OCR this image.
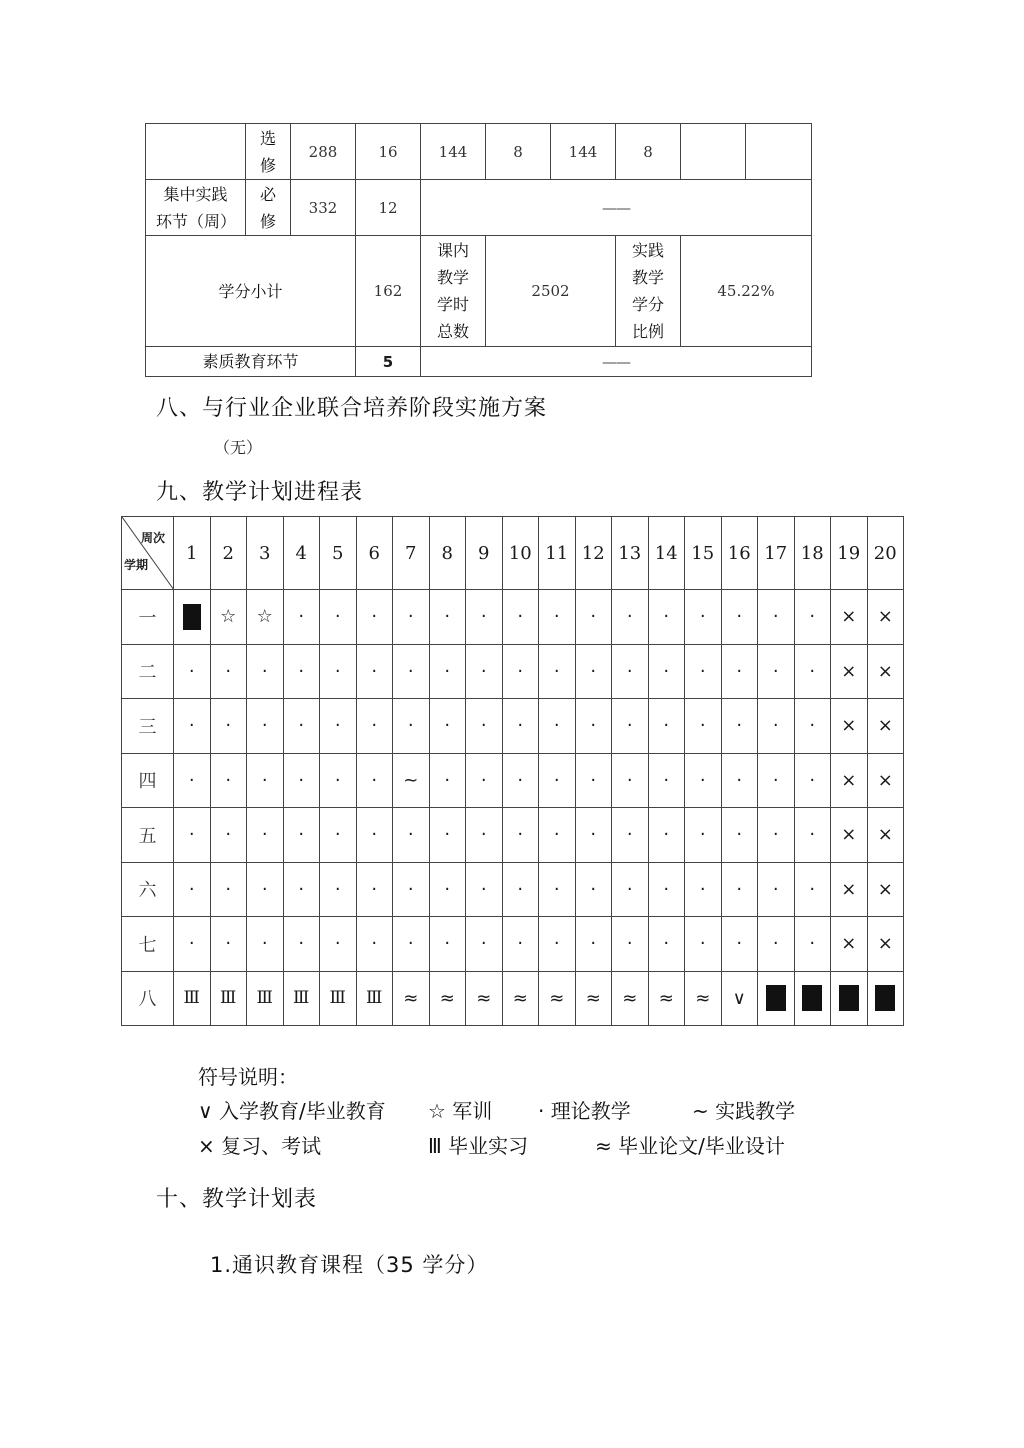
	选修	288	16	144	8	144	8		
集中实践环节（周）	必修	332	12	——					
学分小计			162	课内教学学时总数	2502		实践教学学分比例	45.22%	
素质教育环节			5	——					
八、与行业企业联合培养阶段实施方案
（无）
九、教学计划进程表
周次
学期	1	2	3	4	5	6	7	8	9	10	11	12	13	14	15	16	17	18	19	20
一		☆	☆	·	·	·	·	·	·	·	·	·	·	·	·	·	·	·	×	×
二	·	·	·	·	·	·	·	·	·	·	·	·	·	·	·	·	·	·	×	×
三	·	·	·	·	·	·	·	·	·	·	·	·	·	·	·	·	·	·	×	×
四	·	·	·	·	·	·	~	·	·	·	·	·	·	·	·	·	·	·	×	×
五	·	·	·	·	·	·	·	·	·	·	·	·	·	·	·	·	·	·	×	×
六	·	·	·	·	·	·	·	·	·	·	·	·	·	·	·	·	·	·	×	×
七	·	·	·	·	·	·	·	·	·	·	·	·	·	·	·	·	·	·	×	×
八	Ⅲ	Ⅲ	Ⅲ	Ⅲ	Ⅲ	Ⅲ	≈	≈	≈	≈	≈	≈	≈	≈	≈	∨				
符号说明：
∨ 入学教育/毕业教育 ☆ 军训 · 理论教学	~ 实践教学
× 复习、考试	Ⅲ 毕业实习	≈ 毕业论文/毕业设计
十、教学计划表
1.通识教育课程（35 学分）
